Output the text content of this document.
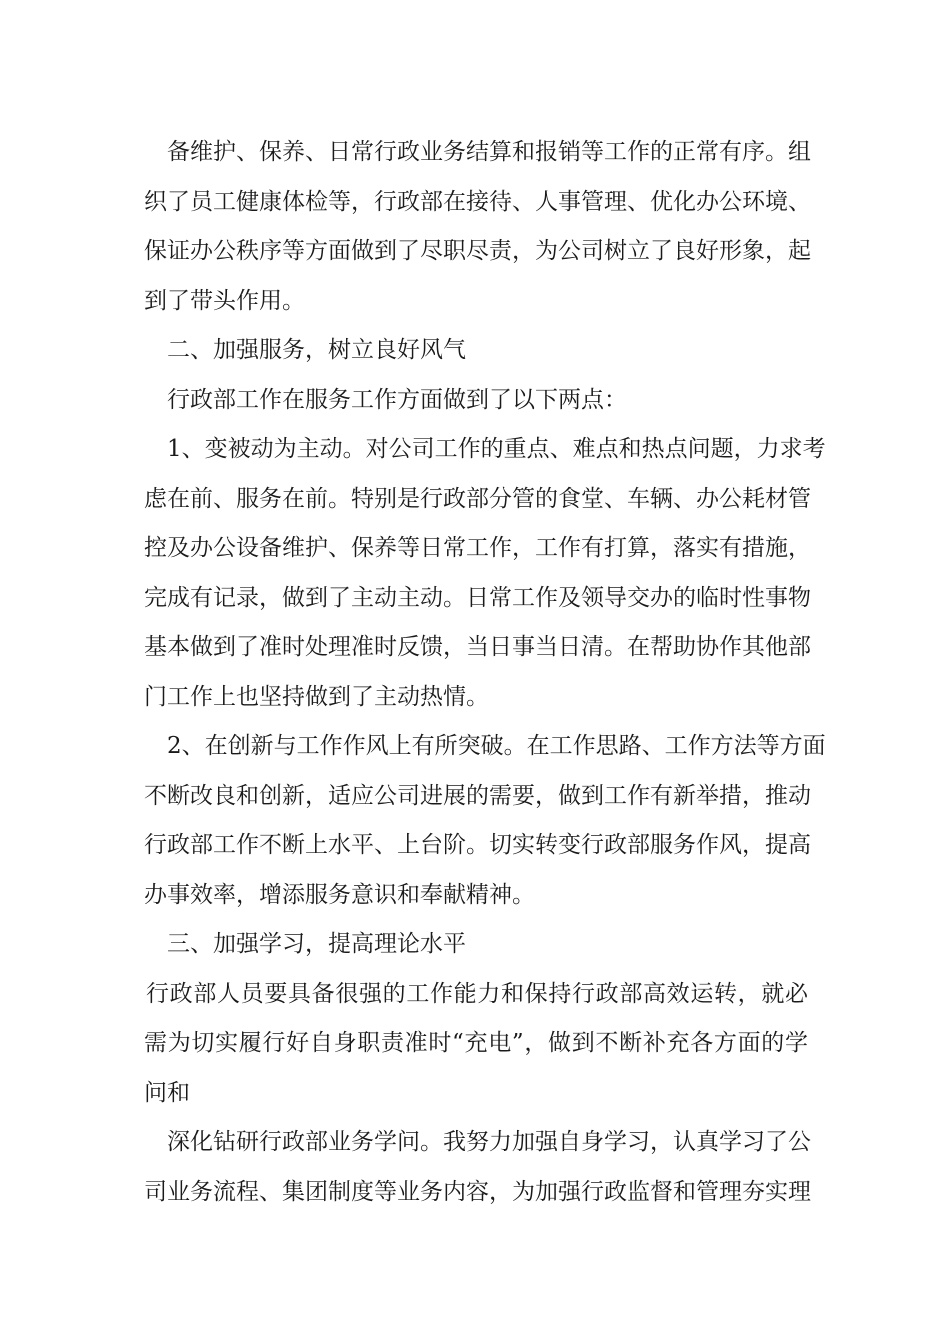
备维护、保养、日常行政业务结算和报销等工作的正常有序。组
织了员工健康体检等，行政部在接待、人事管理、优化办公环境、
保证办公秩序等方面做到了尽职尽责，为公司树立了良好形象，起
到了带头作用。
二、加强服务，树立良好风气
行政部工作在服务工作方面做到了以下两点：
1、变被动为主动。对公司工作的重点、难点和热点问题，力求考
虑在前、服务在前。特别是行政部分管的食堂、车辆、办公耗材管
控及办公设备维护、保养等日常工作，工作有打算，落实有措施，
完成有记录，做到了主动主动。日常工作及领导交办的临时性事物
基本做到了准时处理准时反馈，当日事当日清。在帮助协作其他部
门工作上也坚持做到了主动热情。
2、在创新与工作作风上有所突破。在工作思路、工作方法等方面
不断改良和创新，适应公司进展的需要，做到工作有新举措，推动
行政部工作不断上水平、上台阶。切实转变行政部服务作风，提高
办事效率，增添服务意识和奉献精神。
三、加强学习，提高理论水平
行政部人员要具备很强的工作能力和保持行政部高效运转，就必
需为切实履行好自身职责准时“充电”，做到不断补充各方面的学
问和
深化钻研行政部业务学问。我努力加强自身学习，认真学习了公
司业务流程、集团制度等业务内容，为加强行政监督和管理夯实理
